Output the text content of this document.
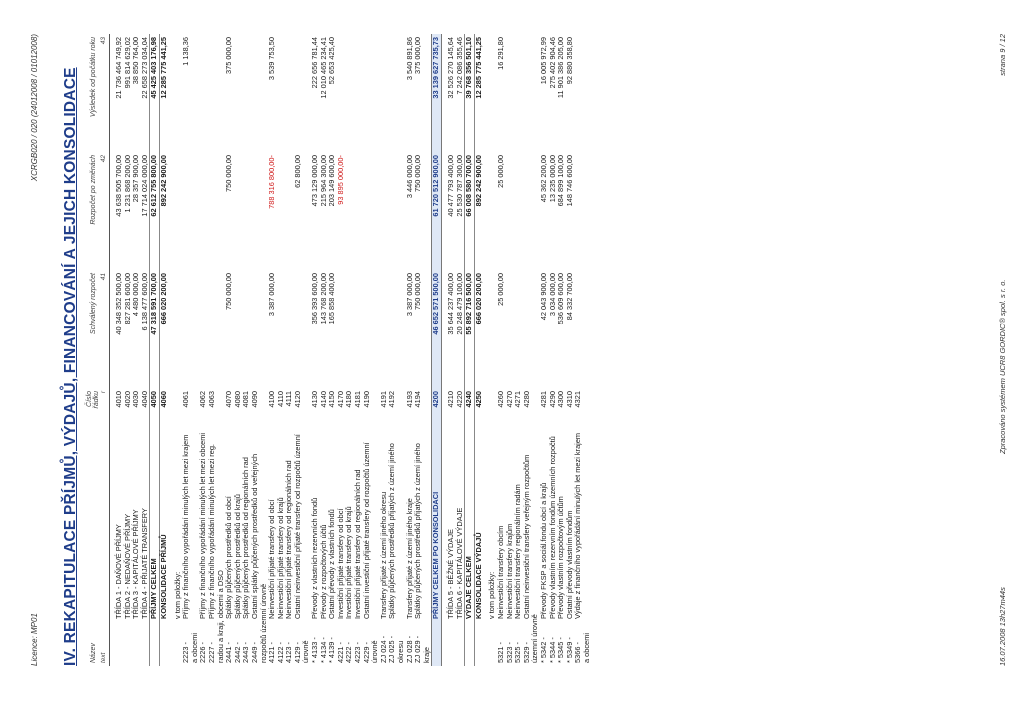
Licence: MP01
XCRGB020 / 020 (24012008 / 01012008) IV. REKAPITULACE PŘÍJMŮ, VÝDAJŮ, FINANCOVÁNÍ A JEJICH KONSOLIDACE Název	Číslo řádku	Schválený rozpočet	Rozpočet po změnách	Výsledek od počátku roku
text	r	41	42	43

TŘÍDA 1 - DAŇOVÉ PŘÍJMY	4010	40 348 352 500,00	43 638 505 700,00	21 736 464 749,92
TŘÍDA 2 - NEDAŇOVÉ PŘÍJMY	4020	827 281 600,00	1 231 868 200,00	991 814 629,02
TŘÍDA 3 - KAPITÁLOVÉ PŘÍJMY	4030	4 480 000,00	28 357 900,00	38 850 764,00
TŘÍDA 4 - PŘIJATÉ TRANSFERY	4040	6 138 477 600,00	17 714 024 000,00	22 658 273 034,04
PŘÍJMY CELKEM	4050	47 318 591 700,00	62 612 755 800,00	45 425 403 176,98
KONSOLIDACE PŘÍJMŮ	4060	666 020 200,00	892 242 900,00	12 285 775 441,25

v tom položky:				
2223 -Příjmy z finančního vypořádání minulých let mezi krajem a obcemi	4061			1 138,36
2226 -Příjmy z finančního vypořádání minulých let mezi obcemi	4062			
2227 -Příjmy z finančního vypořádání minulých let mezi reg. radou a kraji, obcemi a DSO	4063			
2441 -Splátky půjčených prostředků od obcí	4070	750 000,00	750 000,00	375 000,00
2442 -Splátky půjčených prostředků od krajů	4080			
2443 -Splátky půjčených prostředků od regionálních rad	4081			
2449 -Ostatní splátky půjčených prostředků od veřejných rozpočtů územní úrovně	4090			
4121 -Neinvestiční přijaté transfery od obcí	4100	3 387 000,00	788 316 800,00-	3 539 753,50
4122 -Neinvestiční přijaté transfery od krajů	4110			
4123 -Neinvestiční přijaté transfery od regionálních rad	4111			
4129 -Ostatní neinvestiční přijaté transfery od rozpočtů územní úrovně	4120		62 800,00	
* 4133 -Převody z vlastních rezervních fondů	4130	356 393 600,00	473 129 000,00	222 656 781,44
* 4134 -Převody z rozpočtových účtů	4140	143 768 200,00	215 964 300,00	12 010 465 234,41
* 4139 -Ostatní převody z vlastních fondů	4150	165 858 400,00	203 149 600,00	52 653 425,40
4221 -Investiční přijaté transfery od obcí	4170		93 895 000,00-	
4222 -Investiční přijaté transfery od krajů	4180			
4223 -Investiční přijaté transfery od regionálních rad	4181			
4229 -Ostatní investiční přijaté transfery od rozpočtů územní úrovně	4190			
ZJ 024 -Transfery přijaté z území jiného okresu	4191			
ZJ 025 -Splátky půjčených prostředků přijatých z území jiného okresu	4192			
ZJ 028 -Transfery přijaté z území jiného kraje	4193	3 387 000,00	3 446 000,00	3 540 891,86
ZJ 029 -Splátky půjčených prostředků přijatých z území jiného kraje	4194	750 000,00	750 000,00	375 000,00
PŘÍJMY CELKEM PO KONSOLIDACI	4200	46 652 571 500,00	61 720 512 900,00	33 139 627 735,73

TŘÍDA 5 - BĚŽNÉ VÝDAJE	4210	35 644 237 400,00	40 477 793 400,00	32 526 270 145,64
TŘÍDA 6 - KAPITÁLOVÉ VÝDAJE	4220	20 248 479 100,00	25 530 787 300,00	7 242 086 355,46
VÝDAJE CELKEM	4240	55 892 716 500,00	66 008 580 700,00	39 768 356 501,10
KONSOLIDACE VÝDAJŮ	4250	666 020 200,00	892 242 900,00	12 285 775 441,25

v tom položky:				
5321 -Neinvestiční transfery obcím	4260	25 000,00	25 000,00	16 291,80
5323 -Neinvestiční transfery krajům	4270			
5325 -Neinvestiční transfery regionálním radám	4271			
5329 -Ostatní neinvestiční transfery veřejným rozpočtům územní úrovně	4280			
* 5342 -Převody FKSP a sociál.fondu obcí a krajů	4281	42 043 900,00	45 362 200,00	16 005 972,99
* 5344 -Převody vlastním rezervním fondům územních rozpočtů	4290	3 034 000,00	13 235 000,00	275 402 904,46
* 5345 -Převody vlastním rozpočtovým účtům	4300	536 609 600,00	684 899 100,00	11 901 386 205,00
* 5349 -Ostatní převody vlastním fondům	4310	84 332 700,00	148 746 600,00	92 880 358,80
5366 -Výdaje z finančního vypořádání minulých let mezi krajem a obcemi	4321			
16.07.2008 13h27m44s
Zpracováno systémem UCR8 GORDIC® spol. s r. o.
strana 9 / 12
